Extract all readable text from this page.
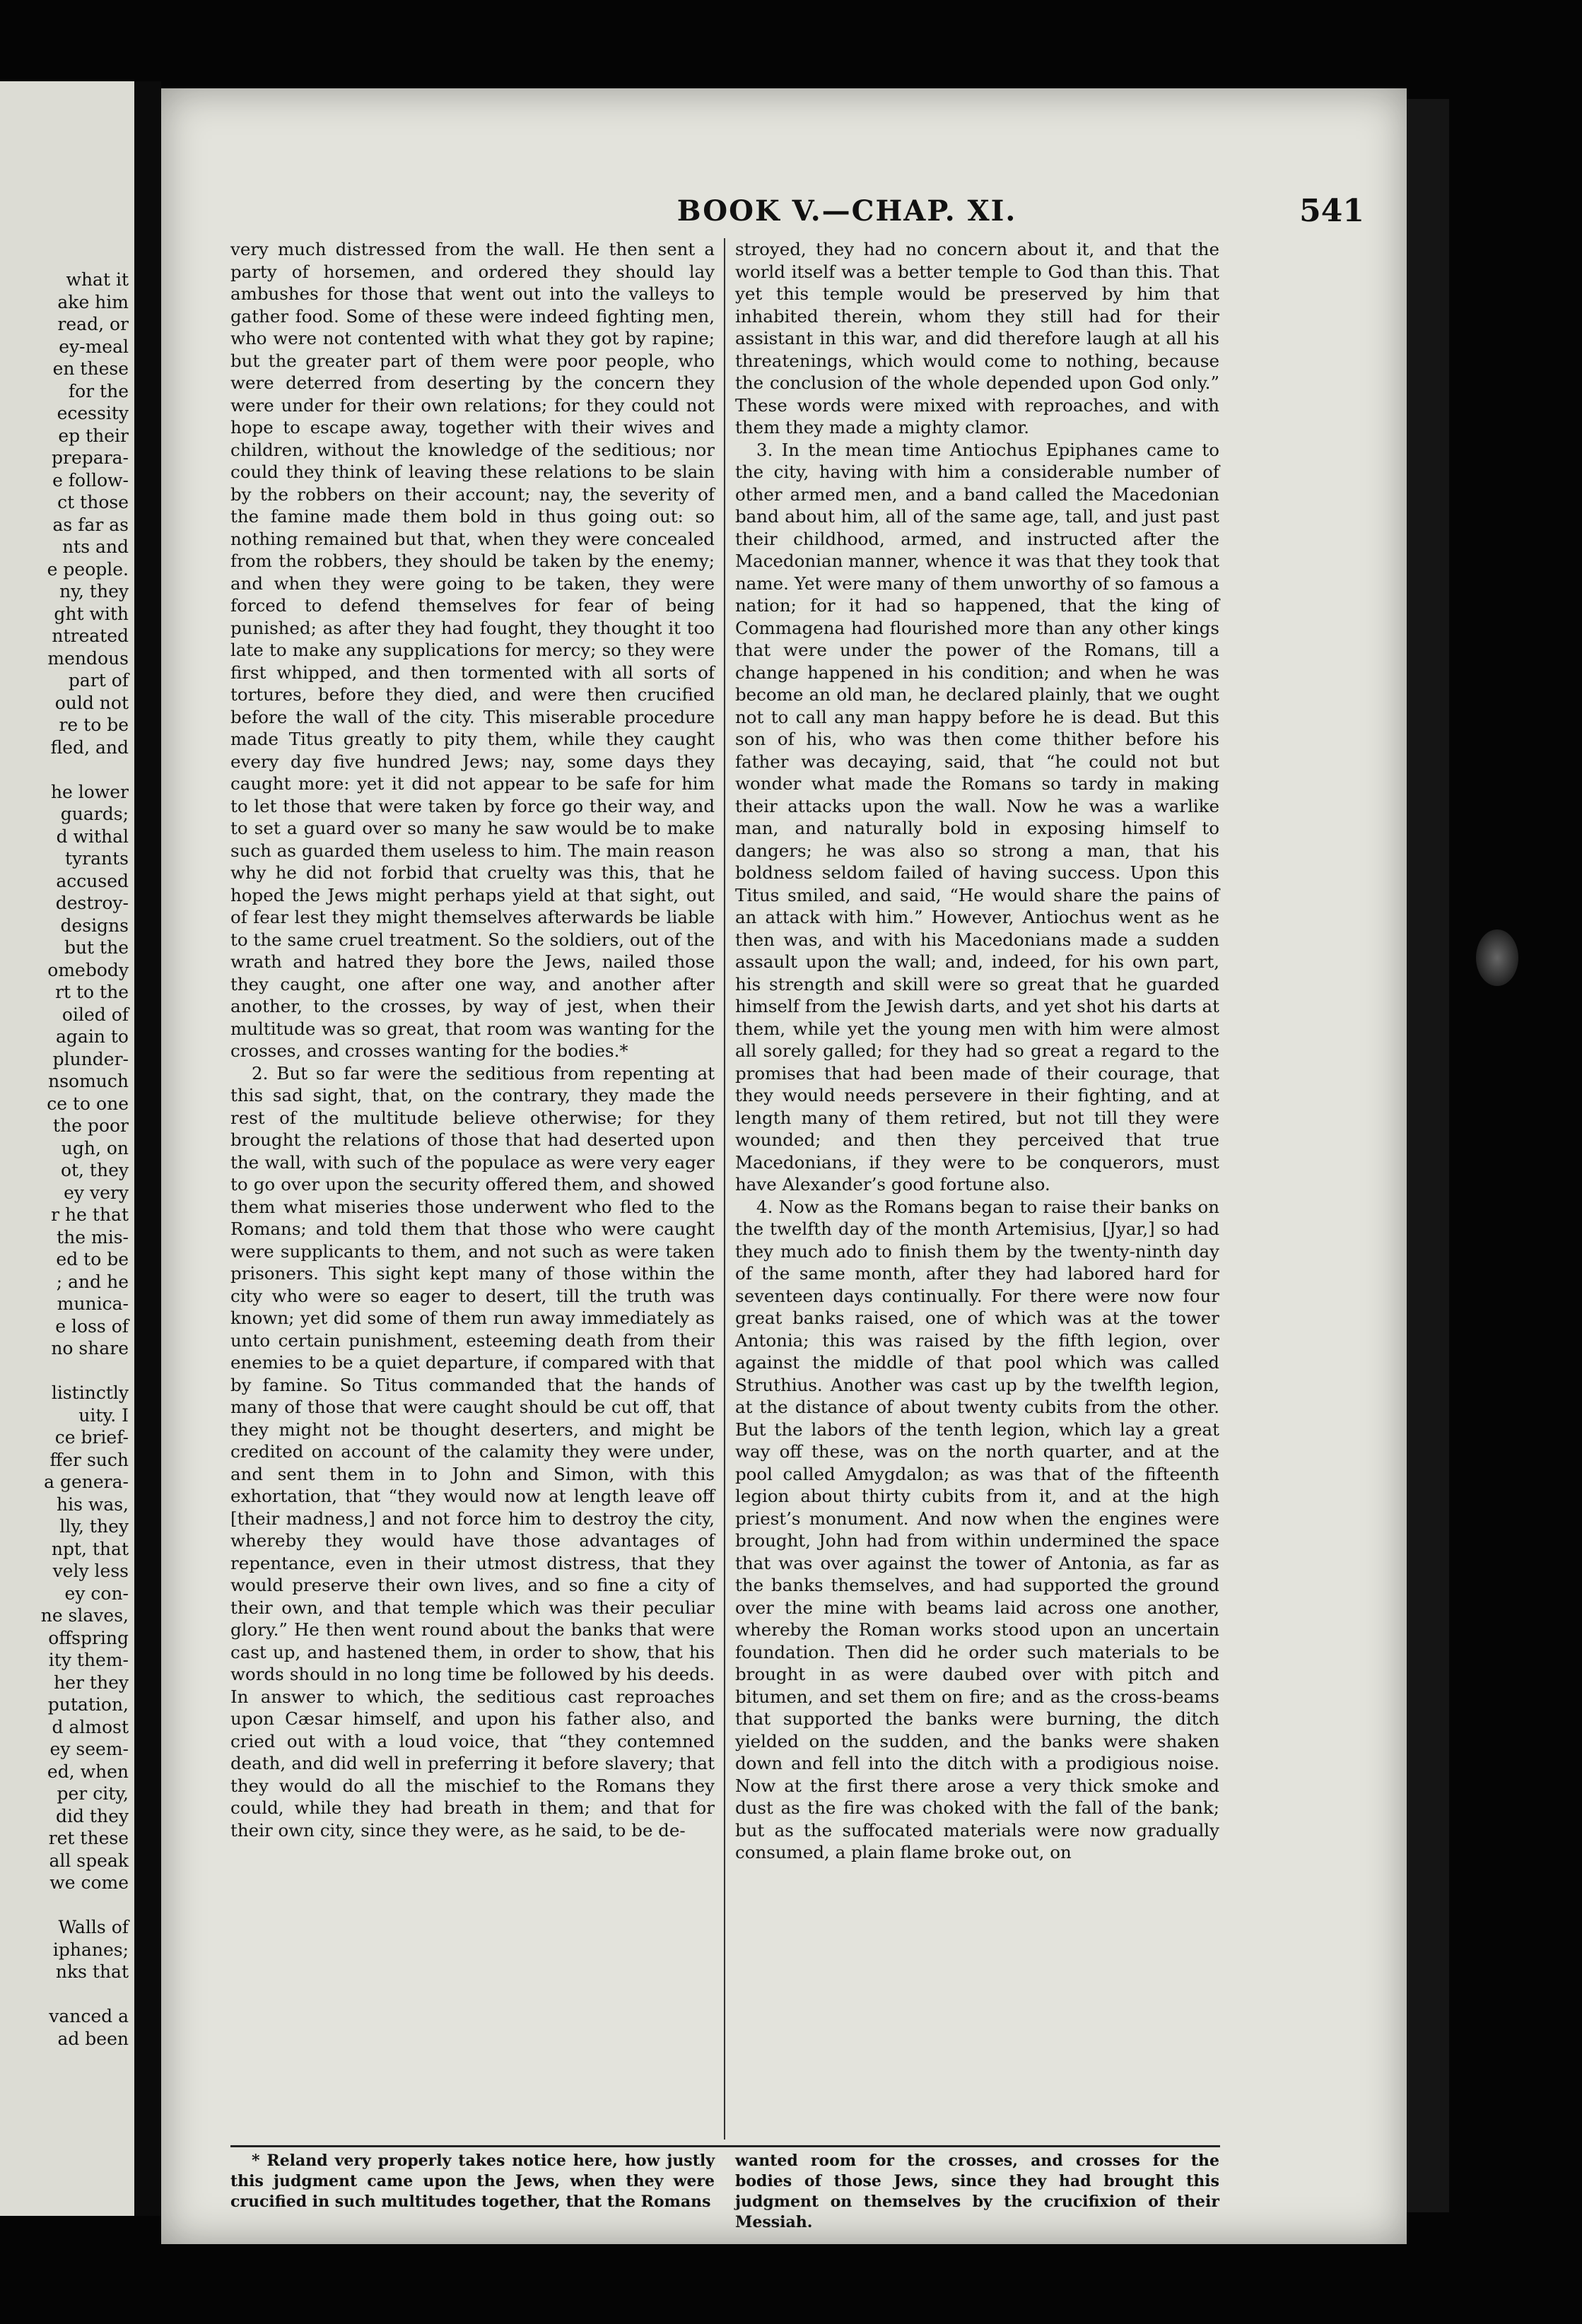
what it
ake him
read, or
ey-meal
en these
for the
ecessity
ep their
prepara-
e follow-
ct those
as far as
nts and
e people.
ny, they
ght with
ntreated
mendous
part of
ould not
re to be
fled, and
he lower
guards;
d withal
tyrants
accused
destroy-
designs
but the
omebody
rt to the
oiled of
again to
plunder-
nsomuch
ce to one
the poor
ugh, on
ot, they
ey very
r he that
the mis-
ed to be
; and he
munica-
e loss of
no share
listinctly
uity. I
ce brief-
ffer such
a genera-
his was,
lly, they
npt, that
vely less
ey con-
ne slaves,
offspring
ity them-
her they
putation,
d almost
ey seem-
ed, when
per city,
did they
ret these
all speak
we come
Walls of
iphanes;
nks that
vanced a
ad been
BOOK V.—CHAP. XI.	541

very much distressed from the wall. He then sent a party of horsemen, and ordered they should lay ambushes for those that went out into the valleys to gather food. Some of these were indeed fighting men, who were not contented with what they got by rapine; but the greater part of them were poor people, who were deterred from deserting by the concern they were under for their own relations; for they could not hope to escape away, together with their wives and children, without the knowledge of the seditious; nor could they think of leaving these relations to be slain by the robbers on their account; nay, the severity of the famine made them bold in thus going out: so nothing remained but that, when they were concealed from the robbers, they should be taken by the enemy; and when they were going to be taken, they were forced to defend themselves for fear of being punished; as after they had fought, they thought it too late to make any supplications for mercy; so they were first whipped, and then tormented with all sorts of tortures, before they died, and were then crucified before the wall of the city. This miserable procedure made Titus greatly to pity them, while they caught every day five hundred Jews; nay, some days they caught more: yet it did not appear to be safe for him to let those that were taken by force go their way, and to set a guard over so many he saw would be to make such as guarded them useless to him. The main reason why he did not forbid that cruelty was this, that he hoped the Jews might perhaps yield at that sight, out of fear lest they might themselves afterwards be liable to the same cruel treatment. So the soldiers, out of the wrath and hatred they bore the Jews, nailed those they caught, one after one way, and another after another, to the crosses, by way of jest, when their multitude was so great, that room was wanting for the crosses, and crosses wanting for the bodies.*

2. But so far were the seditious from repenting at this sad sight, that, on the contrary, they made the rest of the multitude believe otherwise; for they brought the relations of those that had deserted upon the wall, with such of the populace as were very eager to go over upon the security offered them, and showed them what miseries those underwent who fled to the Romans; and told them that those who were caught were supplicants to them, and not such as were taken prisoners. This sight kept many of those within the city who were so eager to desert, till the truth was known; yet did some of them run away immediately as unto certain punishment, esteeming death from their enemies to be a quiet departure, if compared with that by famine. So Titus commanded that the hands of many of those that were caught should be cut off, that they might not be thought deserters, and might be credited on account of the calamity they were under, and sent them in to John and Simon, with this exhortation, that “they would now at length leave off [their madness,] and not force him to destroy the city, whereby they would have those advantages of repentance, even in their utmost distress, that they would preserve their own lives, and so fine a city of their own, and that temple which was their peculiar glory.” He then went round about the banks that were cast up, and hastened them, in order to show, that his words should in no long time be followed by his deeds. In answer to which, the seditious cast reproaches upon Cæsar himself, and upon his father also, and cried out with a loud voice, that “they contemned death, and did well in preferring it before slavery; that they would do all the mischief to the Romans they could, while they had breath in them; and that for their own city, since they were, as he said, to be de-

stroyed, they had no concern about it, and that the world itself was a better temple to God than this. That yet this temple would be preserved by him that inhabited therein, whom they still had for their assistant in this war, and did therefore laugh at all his threatenings, which would come to nothing, because the conclusion of the whole depended upon God only.” These words were mixed with reproaches, and with them they made a mighty clamor.

3. In the mean time Antiochus Epiphanes came to the city, having with him a considerable number of other armed men, and a band called the Macedonian band about him, all of the same age, tall, and just past their childhood, armed, and instructed after the Macedonian manner, whence it was that they took that name. Yet were many of them unworthy of so famous a nation; for it had so happened, that the king of Commagena had flourished more than any other kings that were under the power of the Romans, till a change happened in his condition; and when he was become an old man, he declared plainly, that we ought not to call any man happy before he is dead. But this son of his, who was then come thither before his father was decaying, said, that “he could not but wonder what made the Romans so tardy in making their attacks upon the wall. Now he was a warlike man, and naturally bold in exposing himself to dangers; he was also so strong a man, that his boldness seldom failed of having success. Upon this Titus smiled, and said, “He would share the pains of an attack with him.” However, Antiochus went as he then was, and with his Macedonians made a sudden assault upon the wall; and, indeed, for his own part, his strength and skill were so great that he guarded himself from the Jewish darts, and yet shot his darts at them, while yet the young men with him were almost all sorely galled; for they had so great a regard to the promises that had been made of their courage, that they would needs persevere in their fighting, and at length many of them retired, but not till they were wounded; and then they perceived that true Macedonians, if they were to be conquerors, must have Alexander’s good fortune also.

4. Now as the Romans began to raise their banks on the twelfth day of the month Artemisius, [Jyar,] so had they much ado to finish them by the twenty-ninth day of the same month, after they had labored hard for seventeen days continually. For there were now four great banks raised, one of which was at the tower Antonia; this was raised by the fifth legion, over against the middle of that pool which was called Struthius. Another was cast up by the twelfth legion, at the distance of about twenty cubits from the other. But the labors of the tenth legion, which lay a great way off these, was on the north quarter, and at the pool called Amygdalon; as was that of the fifteenth legion about thirty cubits from it, and at the high priest’s monument. And now when the engines were brought, John had from within undermined the space that was over against the tower of Antonia, as far as the banks themselves, and had supported the ground over the mine with beams laid across one another, whereby the Roman works stood upon an uncertain foundation. Then did he order such materials to be brought in as were daubed over with pitch and bitumen, and set them on fire; and as the cross-beams that supported the banks were burning, the ditch yielded on the sudden, and the banks were shaken down and fell into the ditch with a prodigious noise. Now at the first there arose a very thick smoke and dust as the fire was choked with the fall of the bank; but as the suffocated materials were now gradually consumed, a plain flame broke out, on

* Reland very properly takes notice here, how justly this judgment came upon the Jews, when they were crucified in such multitudes together, that the Romans
wanted room for the crosses, and crosses for the bodies of those Jews, since they had brought this judgment on themselves by the crucifixion of their Messiah.
